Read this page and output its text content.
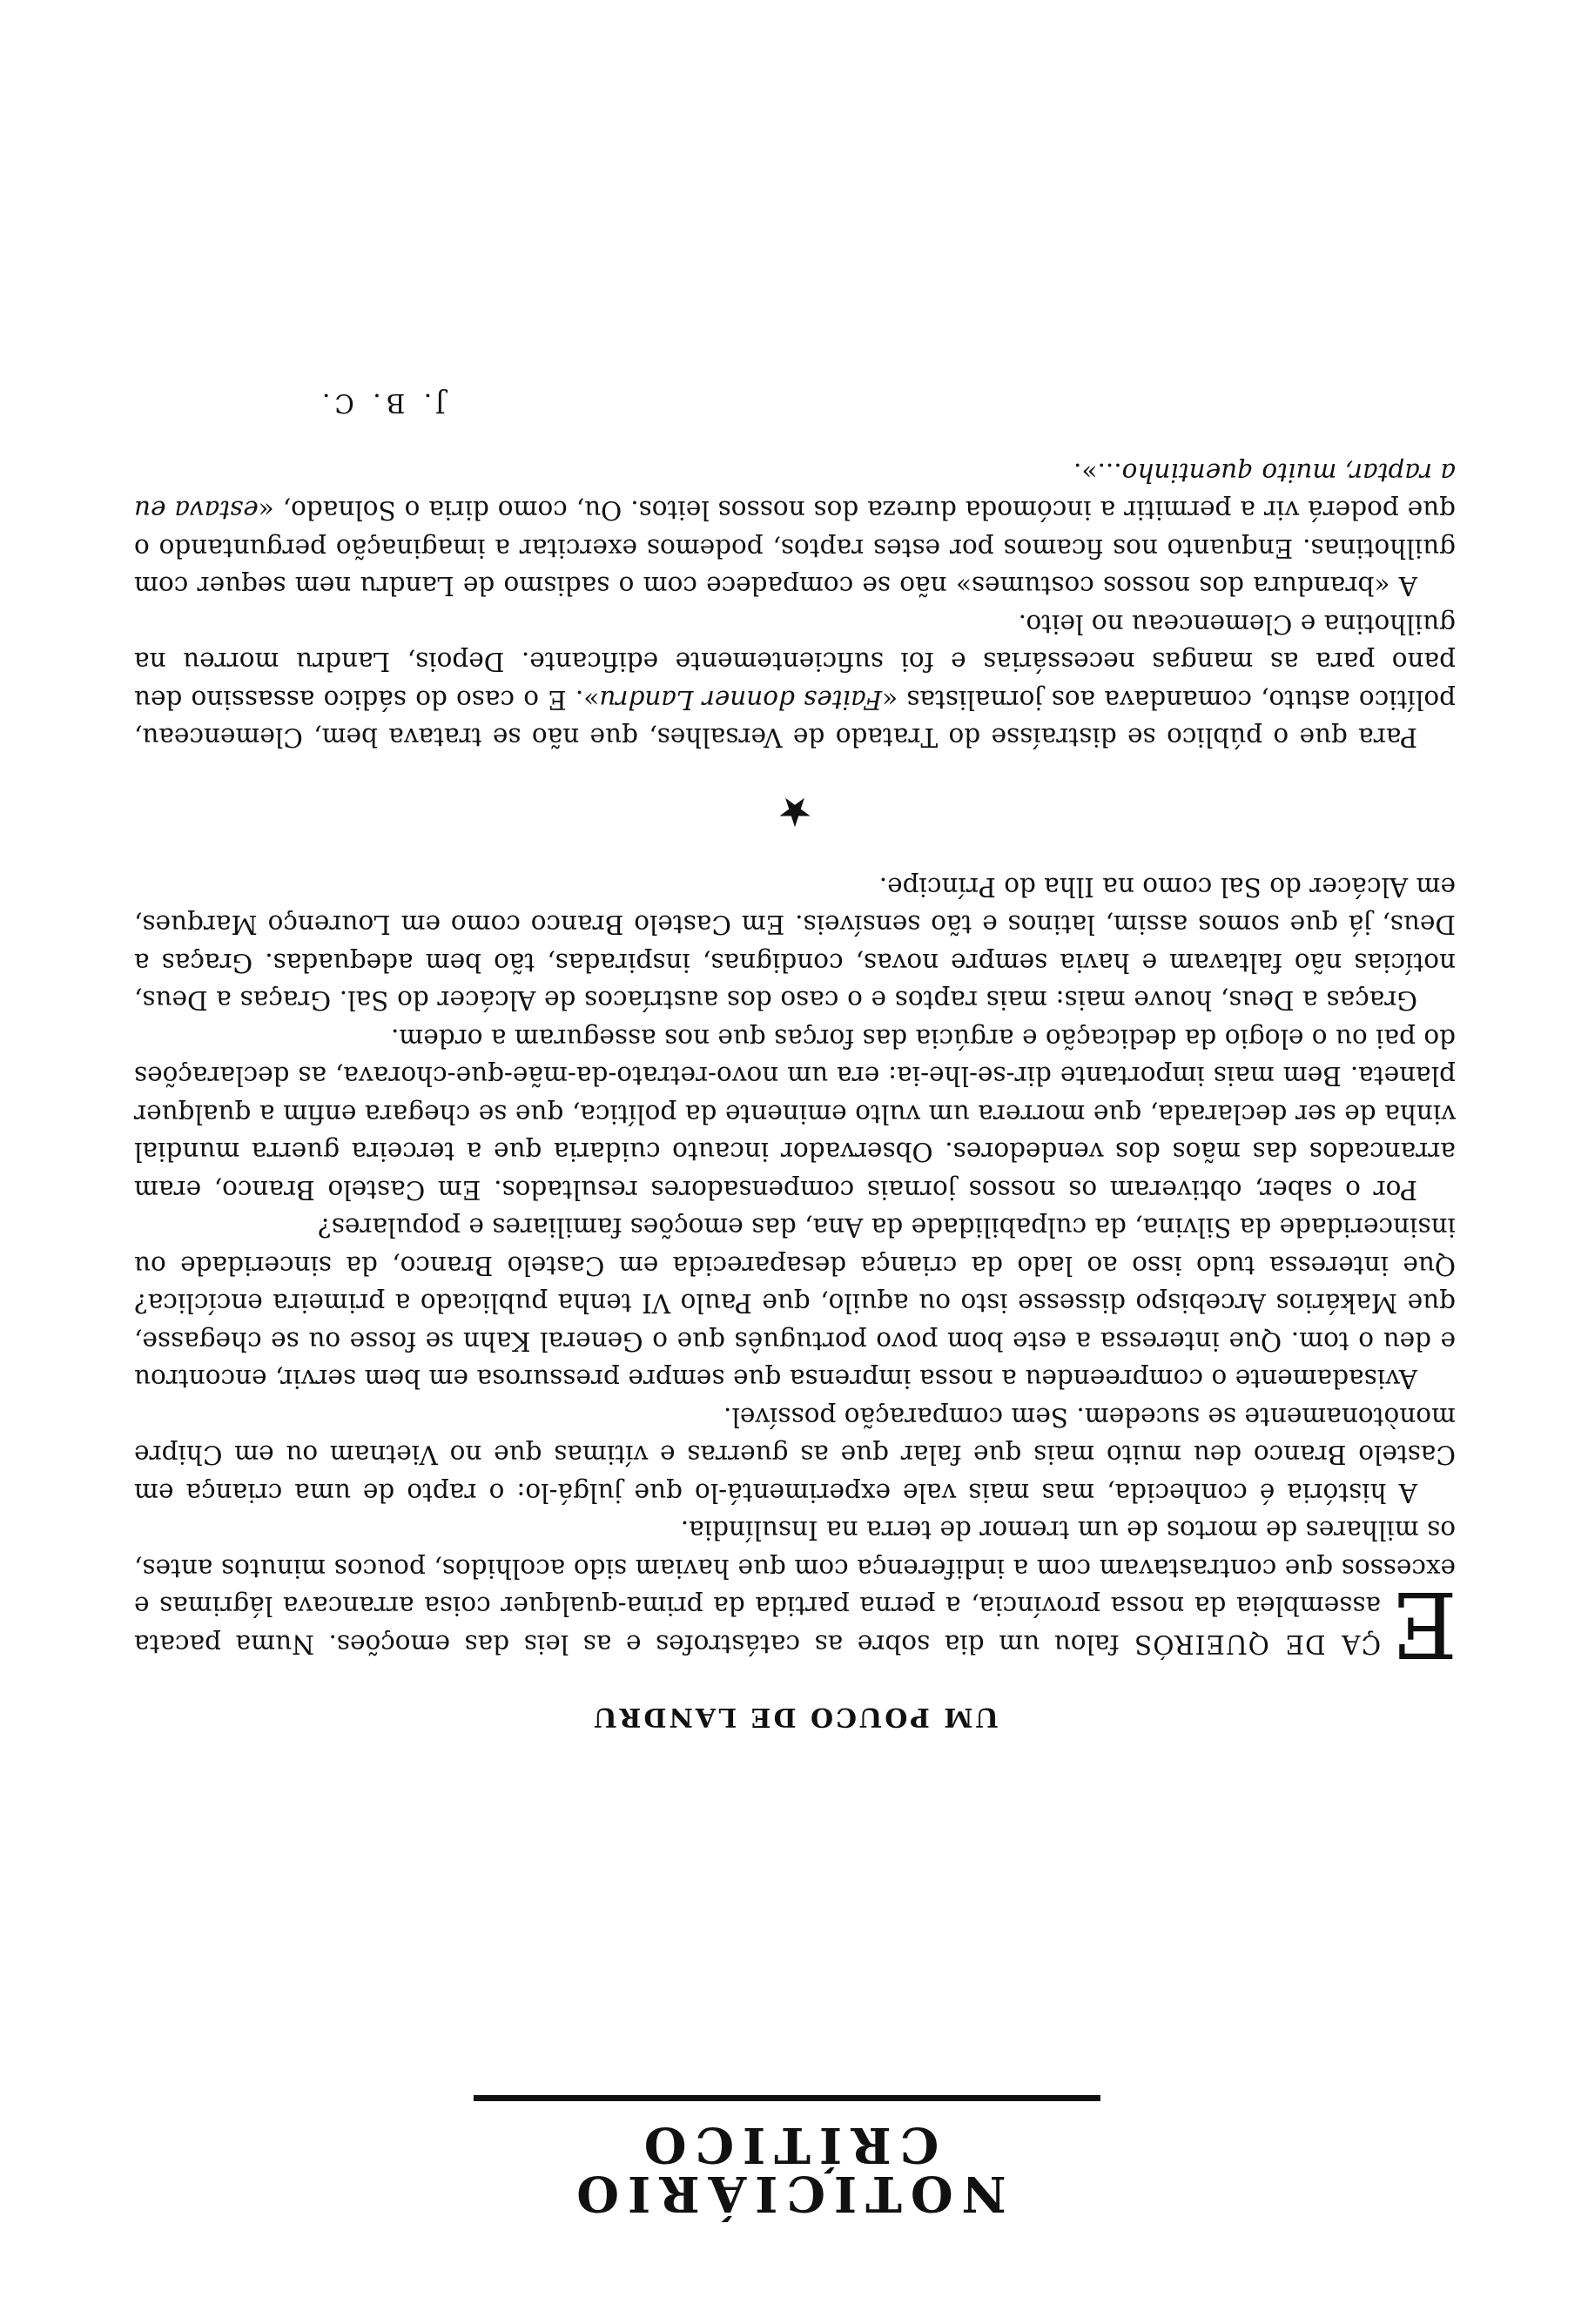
NOTICIÁRIO CRÍTICO
UM POUCO DE LANDRU

E
ÇA DE QUEIRÓS falou um dia sobre as catástrofes e as leis das emoções. Numa pacata assembleia da nossa província, a perna partida da prima-qualquer coisa arrancava lágrimas e excessos que contrastavam com a indiferença com que haviam sido acolhidos, poucos minutos antes, os milhares de mortos de um tremor de terra na Insulíndia.

A história é conhecida, mas mais vale experimentá-lo que julgá-lo: o rapto de uma criança em Castelo Branco deu muito mais que falar que as guerras e vítimas que no Vietnam ou em Chipre monòtonamente se sucedem. Sem comparação possível.

Avisadamente o compreendeu a nossa imprensa que sempre pressurosa em bem servir, encontrou e deu o tom. Que interessa a este bom povo português que o General Kahn se fosse ou se chegasse, que Makários Arcebispo dissesse isto ou aquilo, que Paulo VI tenha publicado a primeira encíclica? Que interessa tudo isso ao lado da criança desaparecida em Castelo Branco, da sinceridade ou insinceridade da Silvina, da culpabilidade da Ana, das emoções familiares e populares?

Por o saber, obtiveram os nossos jornais compensadores resultados. Em Castelo Branco, eram arrancados das mãos dos vendedores. Observador incauto cuidaria que a terceira guerra mundial vinha de ser declarada, que morrera um vulto eminente da política, que se chegara enfim a qualquer planeta. Bem mais importante dir-se-lhe-ia: era um novo-retrato-da-mãe-que-chorava, as declarações do pai ou o elogio da dedicação e argúcia das forças que nos asseguram a ordem.

Graças a Deus, houve mais: mais raptos e o caso dos austríacos de Alcácer do Sal. Graças a Deus, notícias não faltavam e havia sempre novas, condignas, inspiradas, tão bem adequadas. Graças a Deus, já que somos assim, latinos e tão sensíveis. Em Castelo Branco como em Lourenço Marques, em Alcácer do Sal como na Ilha do Príncipe.

★

Para que o público se distraísse do Tratado de Versalhes, que não se tratava bem, Clemenceau, político astuto, comandava aos jornalistas «Faites donner Landru». E o caso do sádico assassino deu pano para as mangas necessárias e foi suficientemente edificante. Depois, Landru morreu na guilhotina e Clemenceau no leito.

A «brandura dos nossos costumes» não se compadece com o sadismo de Landru nem sequer com guilhotinas. Enquanto nos ficamos por estes raptos, podemos exercitar a imaginação perguntando o que poderá vir a permitir a incómoda dureza dos nossos leitos. Ou, como diria o Solnado, «estava eu a raptar, muito quentinho...».

J. B. C.
